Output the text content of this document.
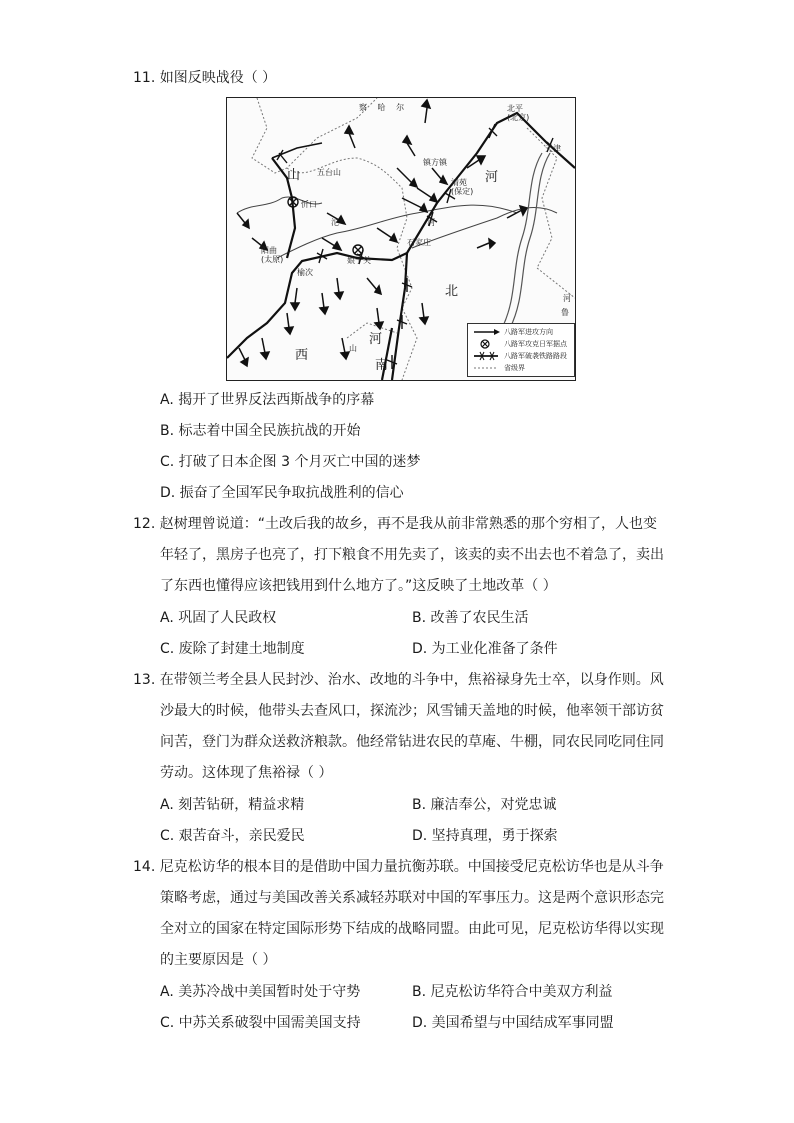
11. 如图反映战役（ ）
察 哈 尔	北平
(北京)
天津
山 五台山
忻口
镇方镇
清苑
(保定)
河
沱	河
阳曲
(太原)
榆次
娘子关
石家庄
北
西
河
南
山
鲁
河
八路军进攻方向
八路军攻克日军据点
八路军破袭铁路路段
省级界
A. 揭开了世界反法西斯战争的序幕
B. 标志着中国全民族抗战的开始
C. 打破了日本企图 3 个月灭亡中国的迷梦
D. 振奋了全国军民争取抗战胜利的信心
12. 赵树理曾说道：“土改后我的故乡，再不是我从前非常熟悉的那个穷相了，人也变
年轻了，黑房子也亮了，打下粮食不用先卖了，该卖的卖不出去也不着急了，卖出
了东西也懂得应该把钱用到什么地方了。”这反映了土地改革（ ）
A. 巩固了人民政权	B. 改善了农民生活
C. 废除了封建土地制度	D. 为工业化准备了条件
13. 在带领兰考全县人民封沙、治水、改地的斗争中，焦裕禄身先士卒，以身作则。风
沙最大的时候，他带头去查风口，探流沙；风雪铺天盖地的时候，他率领干部访贫
问苦，登门为群众送救济粮款。他经常钻进农民的草庵、牛棚，同农民同吃同住同
劳动。这体现了焦裕禄（ ）
A. 刻苦钻研，精益求精	B. 廉洁奉公，对党忠诚
C. 艰苦奋斗，亲民爱民	D. 坚持真理，勇于探索
14. 尼克松访华的根本目的是借助中国力量抗衡苏联。中国接受尼克松访华也是从斗争
策略考虑，通过与美国改善关系减轻苏联对中国的军事压力。这是两个意识形态完
全对立的国家在特定国际形势下结成的战略同盟。由此可见，尼克松访华得以实现
的主要原因是（ ）
A. 美苏冷战中美国暂时处于守势	B. 尼克松访华符合中美双方利益
C. 中苏关系破裂中国需美国支持	D. 美国希望与中国结成军事同盟
